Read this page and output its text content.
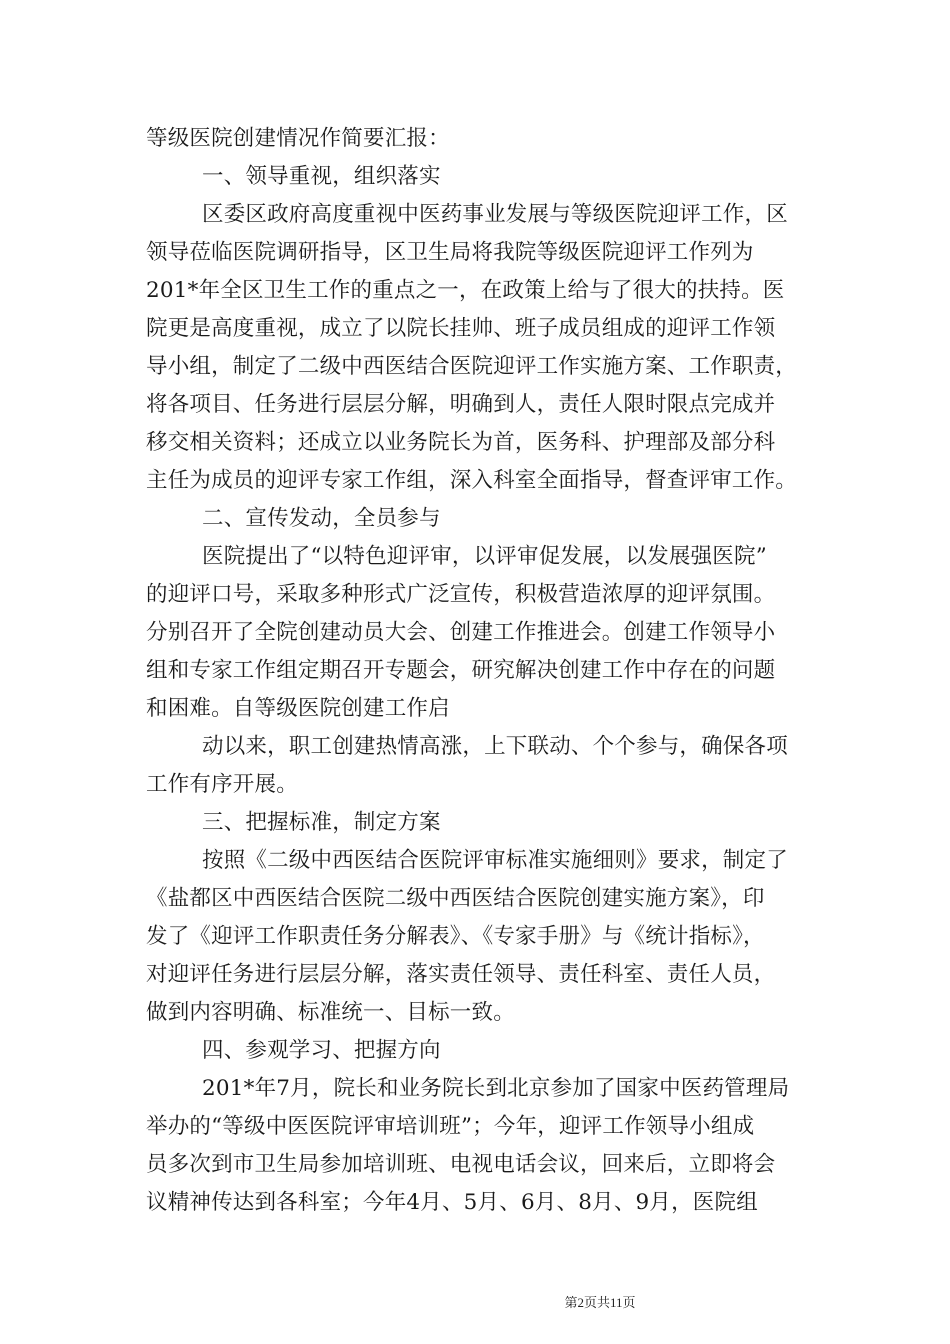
等级医院创建情况作简要汇报：
一、领导重视，组织落实
区委区政府高度重视中医药事业发展与等级医院迎评工作，区
领导莅临医院调研指导，区卫生局将我院等级医院迎评工作列为
201*年全区卫生工作的重点之一，在政策上给与了很大的扶持。医
院更是高度重视，成立了以院长挂帅、班子成员组成的迎评工作领
导小组，制定了二级中西医结合医院迎评工作实施方案、工作职责，
将各项目、任务进行层层分解，明确到人，责任人限时限点完成并
移交相关资料；还成立以业务院长为首，医务科、护理部及部分科
主任为成员的迎评专家工作组，深入科室全面指导，督查评审工作。
二、宣传发动，全员参与
医院提出了“以特色迎评审，以评审促发展，以发展强医院”
的迎评口号，采取多种形式广泛宣传，积极营造浓厚的迎评氛围。
分别召开了全院创建动员大会、创建工作推进会。创建工作领导小
组和专家工作组定期召开专题会，研究解决创建工作中存在的问题
和困难。自等级医院创建工作启
动以来，职工创建热情高涨，上下联动、个个参与，确保各项
工作有序开展。
三、把握标准，制定方案
按照《二级中西医结合医院评审标准实施细则》要求，制定了
《盐都区中西医结合医院二级中西医结合医院创建实施方案》，印
发了《迎评工作职责任务分解表》、《专家手册》与《统计指标》，
对迎评任务进行层层分解，落实责任领导、责任科室、责任人员，
做到内容明确、标准统一、目标一致。
四、参观学习、把握方向
201*年7月，院长和业务院长到北京参加了国家中医药管理局
举办的“等级中医医院评审培训班”；今年，迎评工作领导小组成
员多次到市卫生局参加培训班、电视电话会议，回来后，立即将会
议精神传达到各科室；今年4月、5月、6月、8月、9月，医院组
第2页共11页
